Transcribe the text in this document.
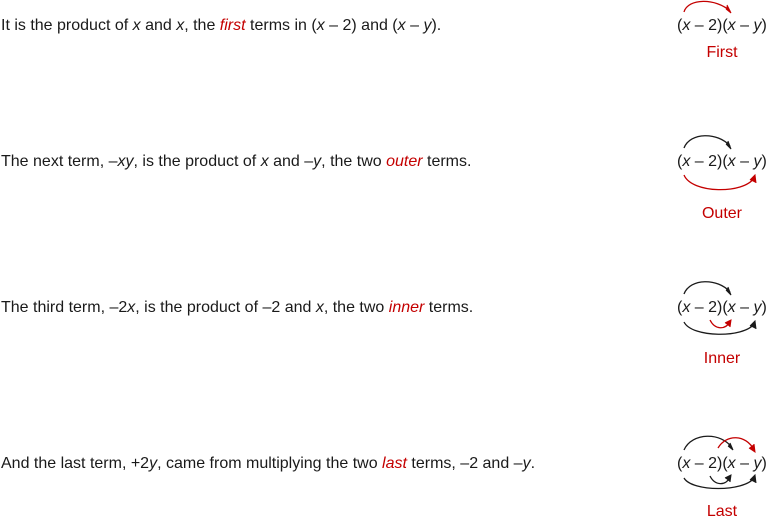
It is the product of x and x, the first terms in (x – 2) and (x – y).	(x – 2)(x – y)
First
The next term, –xy, is the product of x and –y, the two outer terms.	(x – 2)(x – y)
Outer
The third term, –2x, is the product of –2 and x, the two inner terms.	(x – 2)(x – y)
Inner
And the last term, +2y, came from multiplying the two last terms, –2 and –y.	(x – 2)(x – y)
Last
